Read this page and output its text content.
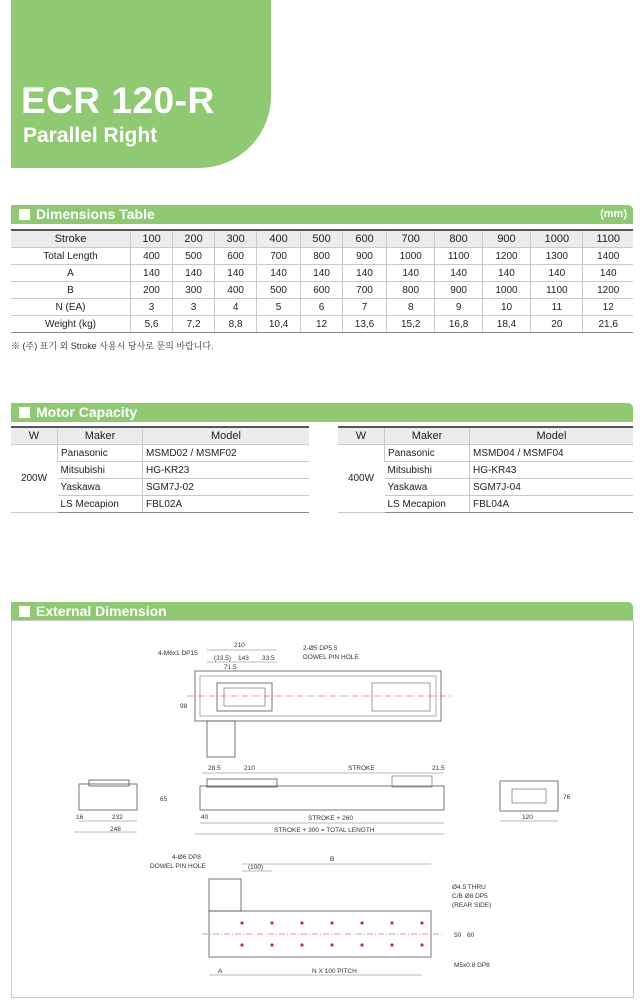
ECR 120-R
Parallel Right
Dimensions Table	(mm)
Stroke	100	200	300	400	500	600	700	800	900	1000	1100
Total Length	400	500	600	700	800	900	1000	1100	1200	1300	1400
A	140	140	140	140	140	140	140	140	140	140	140
B	200	300	400	500	600	700	800	900	1000	1100	1200
N (EA)	3	3	4	5	6	7	8	9	10	11	12
Weight (kg)	5,6	7,2	8,8	10,4	12	13,6	15,2	16,8	18,4	20	21,6
※ (주) 표기 외 Stroke 사용시 당사로 문의 바랍니다.
Motor Capacity
W	Maker	Model
200W	Panasonic	MSMD02 / MSMF02
	Mitsubishi	HG-KR23
	Yaskawa	SGM7J-02
	LS Mecapion	FBL02A
W	Maker	Model
400W	Panasonic	MSMD04 / MSMF04
	Mitsubishi	HG-KR43
	Yaskawa	SGM7J-04
	LS Mecapion	FBL04A
External Dimension
4-M6x1 DP15
210
(33.5) 143 33.5
71.5
2-Ø5 DP5.5
DOWEL PIN HOLE
98
28.5	210	STROKE	21.5
65	76
16	232
248
40	STROKE + 260
STROKE + 300 = TOTAL LENGTH
120
B
(100)
4-Ø6 DP8
DOWEL PIN HOLE
Ø4.5 THRU
C/B Ø8 DP5
(REAR SIDE)
50 60
A	N X 100 PITCH
M5x0.8 DP8
